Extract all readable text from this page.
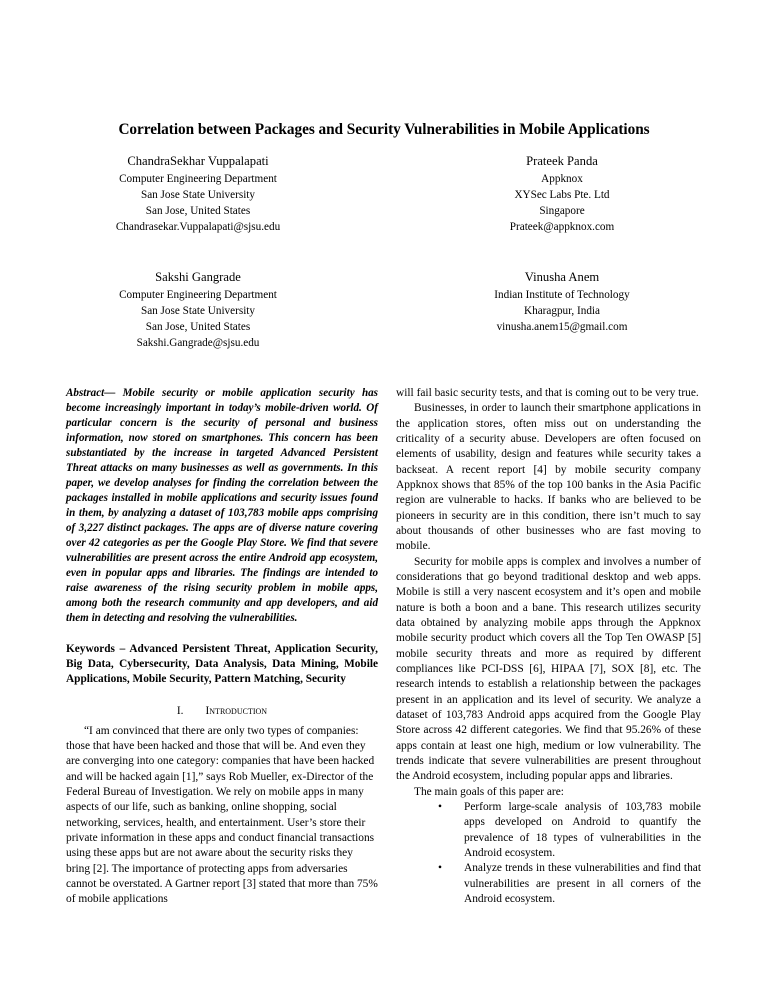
Correlation between Packages and Security Vulnerabilities in Mobile Applications
ChandraSekhar Vuppalapati
Computer Engineering Department
San Jose State University
San Jose, United States
Chandrasekar.Vuppalapati@sjsu.edu
Prateek Panda
Appknox
XYSec Labs Pte. Ltd
Singapore
Prateek@appknox.com
Sakshi Gangrade
Computer Engineering Department
San Jose State University
San Jose, United States
Sakshi.Gangrade@sjsu.edu
Vinusha Anem
Indian Institute of Technology
Kharagpur, India
vinusha.anem15@gmail.com

Abstract— Mobile security or mobile application security has become increasingly important in today’s mobile-driven world. Of particular concern is the security of personal and business information, now stored on smartphones. This concern has been substantiated by the increase in targeted Advanced Persistent Threat attacks on many businesses as well as governments. In this paper, we develop analyses for finding the correlation between the packages installed in mobile applications and security issues found in them, by analyzing a dataset of 103,783 mobile apps comprising of 3,227 distinct packages. The apps are of diverse nature covering over 42 categories as per the Google Play Store. We find that severe vulnerabilities are present across the entire Android app ecosystem, even in popular apps and libraries. The findings are intended to raise awareness of the rising security problem in mobile apps, among both the research community and app developers, and aid them in detecting and resolving the vulnerabilities.

Keywords – Advanced Persistent Threat, Application Security, Big Data, Cybersecurity, Data Analysis, Data Mining, Mobile Applications, Mobile Security, Pattern Matching, Security

I. Introduction

“I am convinced that there are only two types of companies: those that have been hacked and those that will be. And even they are converging into one category: companies that have been hacked and will be hacked again [1],” says Rob Mueller, ex-Director of the Federal Bureau of Investigation. We rely on mobile apps in many aspects of our life, such as banking, online shopping, social networking, services, health, and entertainment. User’s store their private information in these apps and conduct financial transactions using these apps but are not aware about the security risks they bring [2]. The importance of protecting apps from adversaries cannot be overstated. A Gartner report [3] stated that more than 75% of mobile applications

will fail basic security tests, and that is coming out to be very true.

Businesses, in order to launch their smartphone applications in the application stores, often miss out on understanding the criticality of a security abuse. Developers are often focused on elements of usability, design and features while security takes a backseat. A recent report [4] by mobile security company Appknox shows that 85% of the top 100 banks in the Asia Pacific region are vulnerable to hacks. If banks who are believed to be pioneers in security are in this condition, there isn’t much to say about thousands of other businesses who are fast moving to mobile.

Security for mobile apps is complex and involves a number of considerations that go beyond traditional desktop and web apps. Mobile is still a very nascent ecosystem and it’s open and mobile nature is both a boon and a bane. This research utilizes security data obtained by analyzing mobile apps through the Appknox mobile security product which covers all the Top Ten OWASP [5] mobile security threats and more as required by different compliances like PCI-DSS [6], HIPAA [7], SOX [8], etc. The research intends to establish a relationship between the packages present in an application and its level of security. We analyze a dataset of 103,783 Android apps acquired from the Google Play Store across 42 different categories. We find that 95.26% of these apps contain at least one high, medium or low vulnerability. The trends indicate that severe vulnerabilities are present throughout the Android ecosystem, including popular apps and libraries.

The main goals of this paper are:

• Perform large-scale analysis of 103,783 mobile apps developed on Android to quantify the prevalence of 18 types of vulnerabilities in the Android ecosystem.
• Analyze trends in these vulnerabilities and find that vulnerabilities are present in all corners of the Android ecosystem.
